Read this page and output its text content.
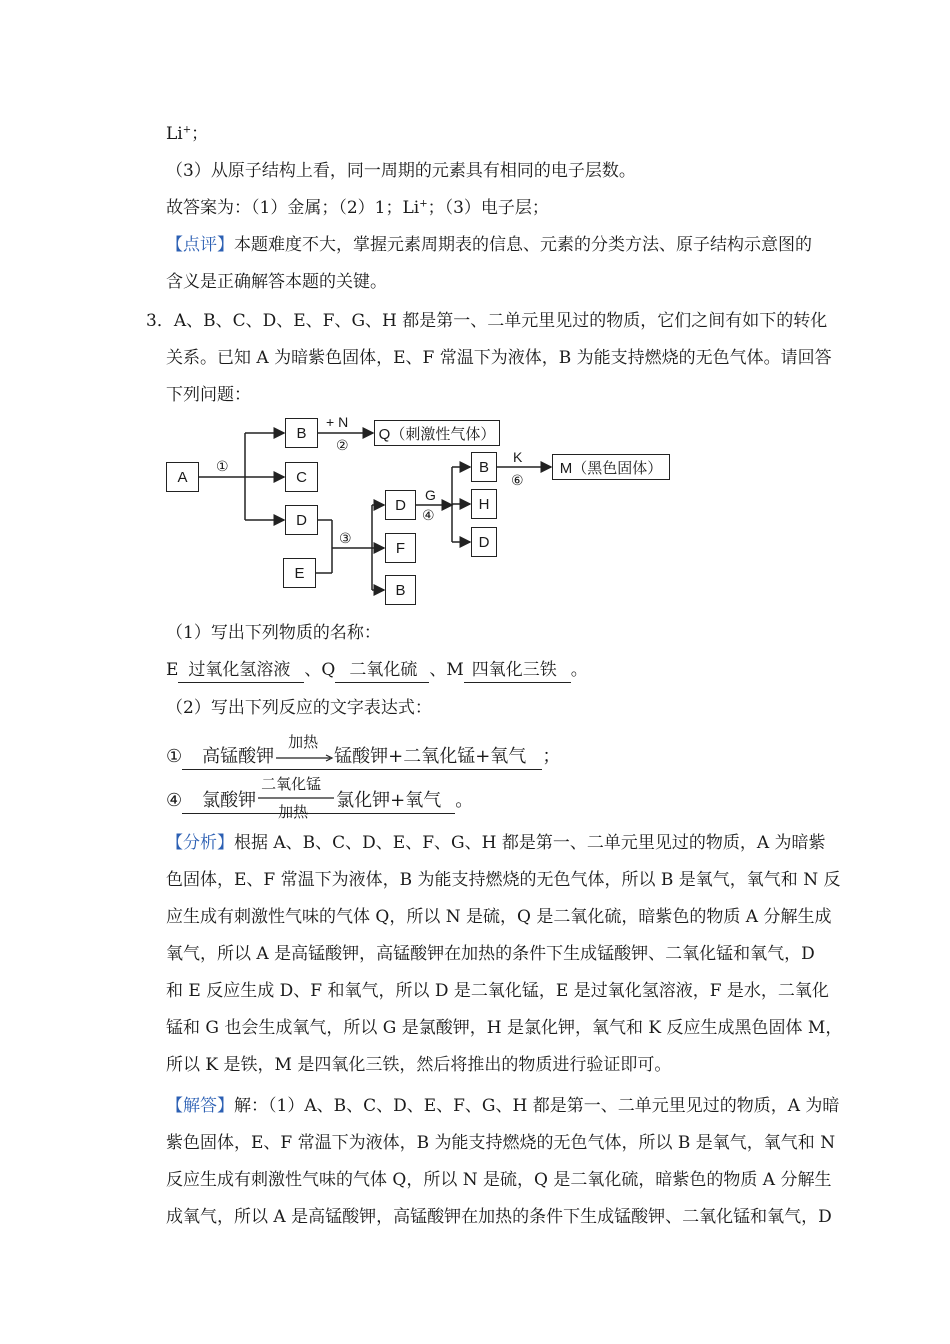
Li+；
（3）从原子结构上看，同一周期的元素具有相同的电子层数。
故答案为：（1）金属；（2）1；Li+；（3）电子层；
【点评】本题难度不大，掌握元素周期表的信息、元素的分类方法、原子结构示意图的
含义是正确解答本题的关键。
3．A、B、C、D、E、F、G、H 都是第一、二单元里见过的物质，它们之间有如下的转化
关系。已知 A 为暗紫色固体，E、F 常温下为液体，B 为能支持燃烧的无色气体。请回答
下列问题：
A
B
C
D
E
D
F
B
B
H
D
Q（刺激性气体）
M（黑色固体）
①
+ N
②
③
G
④
K
⑥
（1）写出下列物质的名称：
E 过氧化氢溶液 、Q 二氧化硫 、M 四氧化三铁 。
（2）写出下列反应的文字表达式：
① 高锰酸钾
加热
锰酸钾+二氧化锰+氧气 ；
④ 氯酸钾
二氧化锰
加热
氯化钾+氧气 。
【分析】根据 A、B、C、D、E、F、G、H 都是第一、二单元里见过的物质，A 为暗紫
色固体，E、F 常温下为液体，B 为能支持燃烧的无色气体，所以 B 是氧气，氧气和 N 反
应生成有刺激性气味的气体 Q，所以 N 是硫，Q 是二氧化硫，暗紫色的物质 A 分解生成
氧气，所以 A 是高锰酸钾，高锰酸钾在加热的条件下生成锰酸钾、二氧化锰和氧气，D
和 E 反应生成 D、F 和氧气，所以 D 是二氧化锰，E 是过氧化氢溶液，F 是水，二氧化
锰和 G 也会生成氧气，所以 G 是氯酸钾，H 是氯化钾，氧气和 K 反应生成黑色固体 M，
所以 K 是铁，M 是四氧化三铁，然后将推出的物质进行验证即可。
【解答】解：（1）A、B、C、D、E、F、G、H 都是第一、二单元里见过的物质，A 为暗
紫色固体，E、F 常温下为液体，B 为能支持燃烧的无色气体，所以 B 是氧气，氧气和 N
反应生成有刺激性气味的气体 Q，所以 N 是硫，Q 是二氧化硫，暗紫色的物质 A 分解生
成氧气，所以 A 是高锰酸钾，高锰酸钾在加热的条件下生成锰酸钾、二氧化锰和氧气，D
